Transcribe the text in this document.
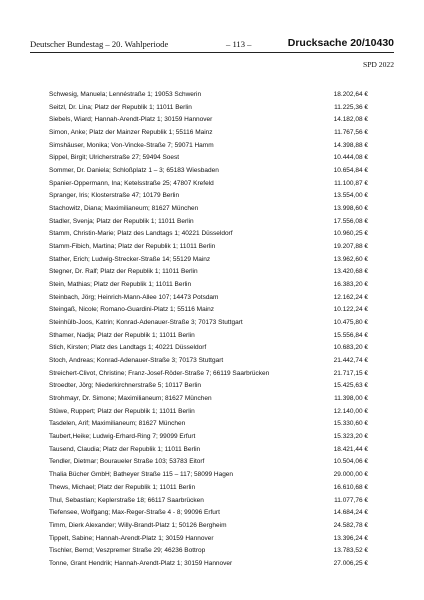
Deutscher Bundestag – 20. Wahlperiode	– 113 –	Drucksache 20/10430
SPD 2022
Schwesig, Manuela; Lennéstraße 1; 19053 Schwerin	18.202,64 €
Seitzl, Dr. Lina; Platz der Republik 1; 11011 Berlin	11.225,36 €
Siebels, Wiard; Hannah-Arendt-Platz 1; 30159 Hannover	14.182,08 €
Simon, Anke; Platz der Mainzer Republik 1; 55116 Mainz	11.767,56 €
Simshäuser, Monika; Von-Vincke-Straße 7; 59071 Hamm	14.398,88 €
Sippel, Birgit; Ulricherstraße 27; 59494 Soest	10.444,08 €
Sommer, Dr. Daniela; Schloßplatz 1 – 3; 65183 Wiesbaden	10.654,84 €
Spanier-Oppermann, Ina; Ketelsstraße 25; 47807 Krefeld	11.100,87 €
Spranger, Iris; Klosterstraße 47; 10179 Berlin	13.554,00 €
Stachowitz, Diana; Maximilianeum; 81627 München	13.998,60 €
Stadler, Svenja; Platz der Republik 1; 11011 Berlin	17.556,08 €
Stamm, Christin-Marie; Platz des Landtags 1; 40221 Düsseldorf	10.960,25 €
Stamm-Fibich, Martina; Platz der Republik 1; 11011 Berlin	19.207,88 €
Stather, Erich; Ludwig-Strecker-Straße 14; 55129 Mainz	13.962,60 €
Stegner, Dr. Ralf; Platz der Republik 1; 11011 Berlin	13.420,68 €
Stein, Mathias; Platz der Republik 1; 11011 Berlin	16.383,20 €
Steinbach, Jörg; Heinrich-Mann-Allee 107; 14473 Potsdam	12.162,24 €
Steingaß, Nicole; Romano-Guardini-Platz 1; 55116 Mainz	10.122,24 €
Steinhülb-Joos, Katrin; Konrad-Adenauer-Straße 3; 70173 Stuttgart	10.475,80 €
Sthamer, Nadja; Platz der Republik 1; 11011 Berlin	15.556,84 €
Stich, Kirsten; Platz des Landtags 1; 40221 Düsseldorf	10.683,20 €
Stoch, Andreas; Konrad-Adenauer-Straße 3; 70173 Stuttgart	21.442,74 €
Streichert-Clivot, Christine; Franz-Josef-Röder-Straße 7; 66119 Saarbrücken	21.717,15 €
Stroedter, Jörg; Niederkirchnerstraße 5; 10117 Berlin	15.425,63 €
Strohmayr, Dr. Simone; Maximilianeum; 81627 München	11.398,00 €
Stüwe, Ruppert; Platz der Republik 1; 11011 Berlin	12.140,00 €
Tasdelen, Arif; Maximilianeum; 81627 München	15.330,60 €
Taubert,Heike; Ludwig-Erhard-Ring 7; 99099 Erfurt	15.323,20 €
Tausend, Claudia; Platz der Republik 1; 11011 Berlin	18.421,44 €
Tendler, Dietmar; Bouraueler Straße 103; 53783 Eitorf	10.504,06 €
Thalia Bücher GmbH; Batheyer Straße 115 – 117; 58099 Hagen	29.000,00 €
Thews, Michael; Platz der Republik 1; 11011 Berlin	16.610,68 €
Thul, Sebastian; Keplerstraße 18; 66117 Saarbrücken	11.077,76 €
Tiefensee, Wolfgang; Max-Reger-Straße 4 - 8; 99096 Erfurt	14.684,24 €
Timm, Dierk Alexander; Willy-Brandt-Platz 1; 50126 Bergheim	24.582,78 €
Tippelt, Sabine; Hannah-Arendt-Platz 1; 30159 Hannover	13.396,24 €
Tischler, Bernd; Veszpremer Straße 29; 46236 Bottrop	13.783,52 €
Tonne, Grant Hendrik; Hannah-Arendt-Platz 1; 30159 Hannover	27.006,25 €
